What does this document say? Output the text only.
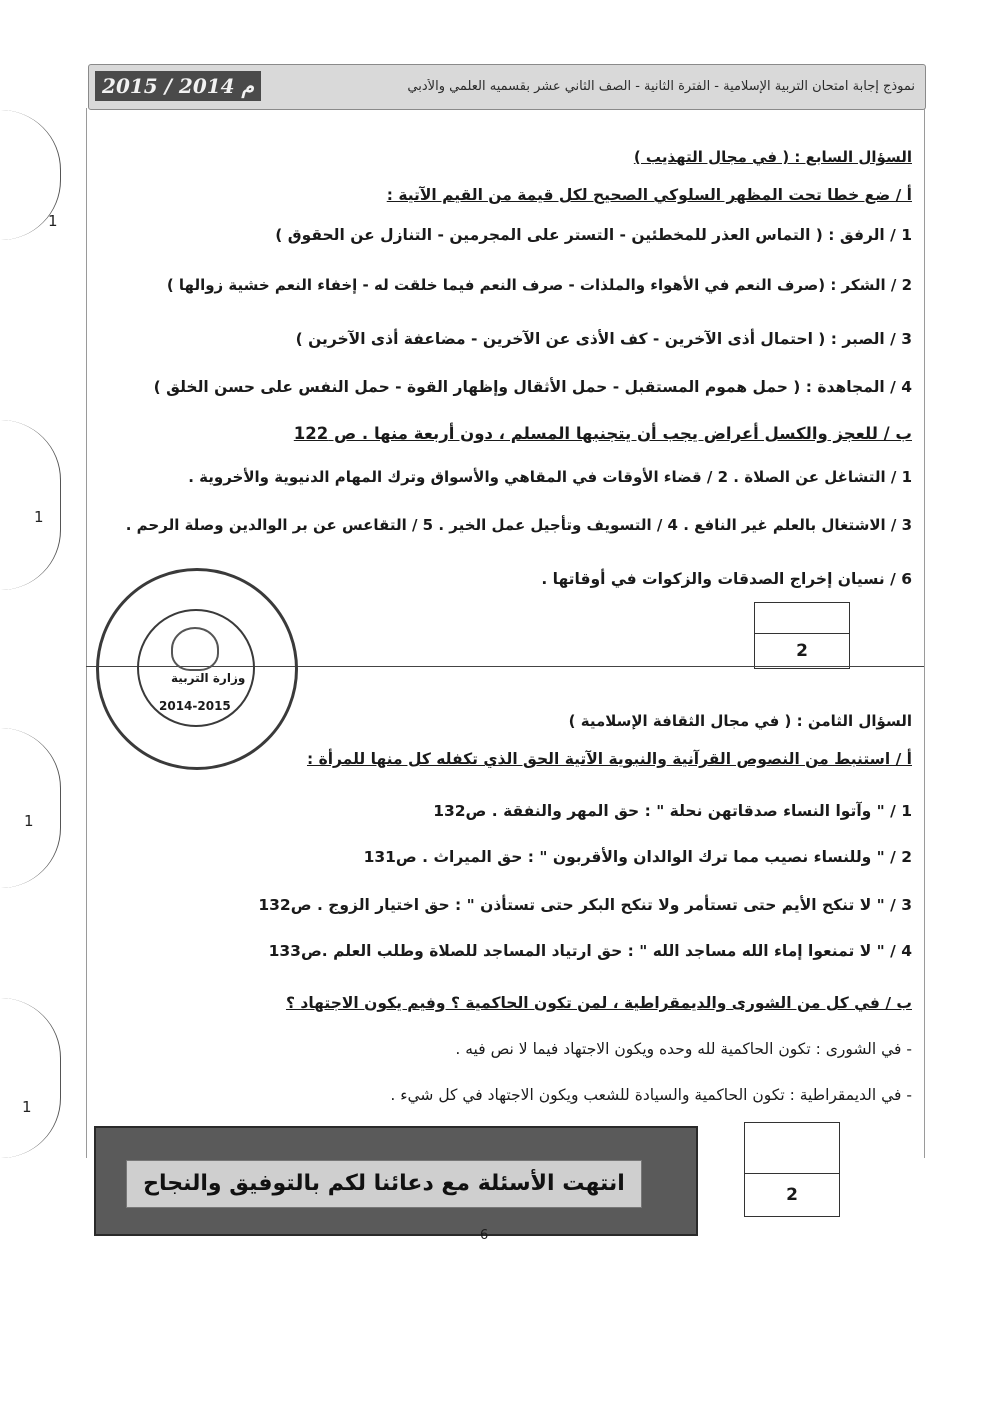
2015 / 2014 م	نموذج إجابة امتحان التربية الإسلامية - الفترة الثانية - الصف الثاني عشر بقسميه العلمي والأدبي
1
1
1
1
السؤال السابع : ( في مجال التهذيب )
أ / ضع خطا تحت المظهر السلوكي الصحيح لكل قيمة من القيم الآتية :
1 / الرفق : ( التماس العذر للمخطئين - التستر على المجرمين - التنازل عن الحقوق )
2 / الشكر : (صرف النعم في الأهواء والملذات - صرف النعم فيما خلقت له - إخفاء النعم خشية زوالها )
3 / الصبر : ( احتمال أذى الآخرين - كف الأذى عن الآخرين - مضاعفة أذى الآخرين )
4 / المجاهدة : ( حمل هموم المستقبل - حمل الأثقال وإظهار القوة - حمل النفس على حسن الخلق )
ب / للعجز والكسل أعراض يجب أن يتجنبها المسلم ، دون أربعة منها . ص 122
1 / التشاغل عن الصلاة . 2 / قضاء الأوقات في المقاهي والأسواق وترك المهام الدنيوية والأخروية .
3 / الاشتغال بالعلم غير النافع . 4 / التسويف وتأجيل عمل الخير . 5 / التقاعس عن بر الوالدين وصلة الرحم .
6 / نسيان إخراج الصدقات والزكوات في أوقاتها .
2
وزارة التربية
2014-2015
السؤال الثامن : ( في مجال الثقافة الإسلامية )
أ / استنبط من النصوص القرآنية والنبوية الآتية الحق الذي تكفله كل منها للمرأة :
1 / " وآتوا النساء صدقاتهن نحلة " : حق المهر والنفقة . ص132
2 / " وللنساء نصيب مما ترك الوالدان والأقربون " : حق الميراث . ص131
3 / " لا تنكح الأيم حتى تستأمر ولا تنكح البكر حتى تستأذن " : حق اختيار الزوج . ص132
4 / " لا تمنعوا إماء الله مساجد الله " : حق ارتياد المساجد للصلاة وطلب العلم .ص133
ب / في كل من الشورى والديمقراطية ، لمن تكون الحاكمية ؟ وفيم يكون الاجتهاد ؟
- في الشورى : تكون الحاكمية لله وحده ويكون الاجتهاد فيما لا نص فيه .
- في الديمقراطية : تكون الحاكمية والسيادة للشعب ويكون الاجتهاد في كل شيء .
2
انتهت الأسئلة مع دعائنا لكم بالتوفيق والنجاح
6
